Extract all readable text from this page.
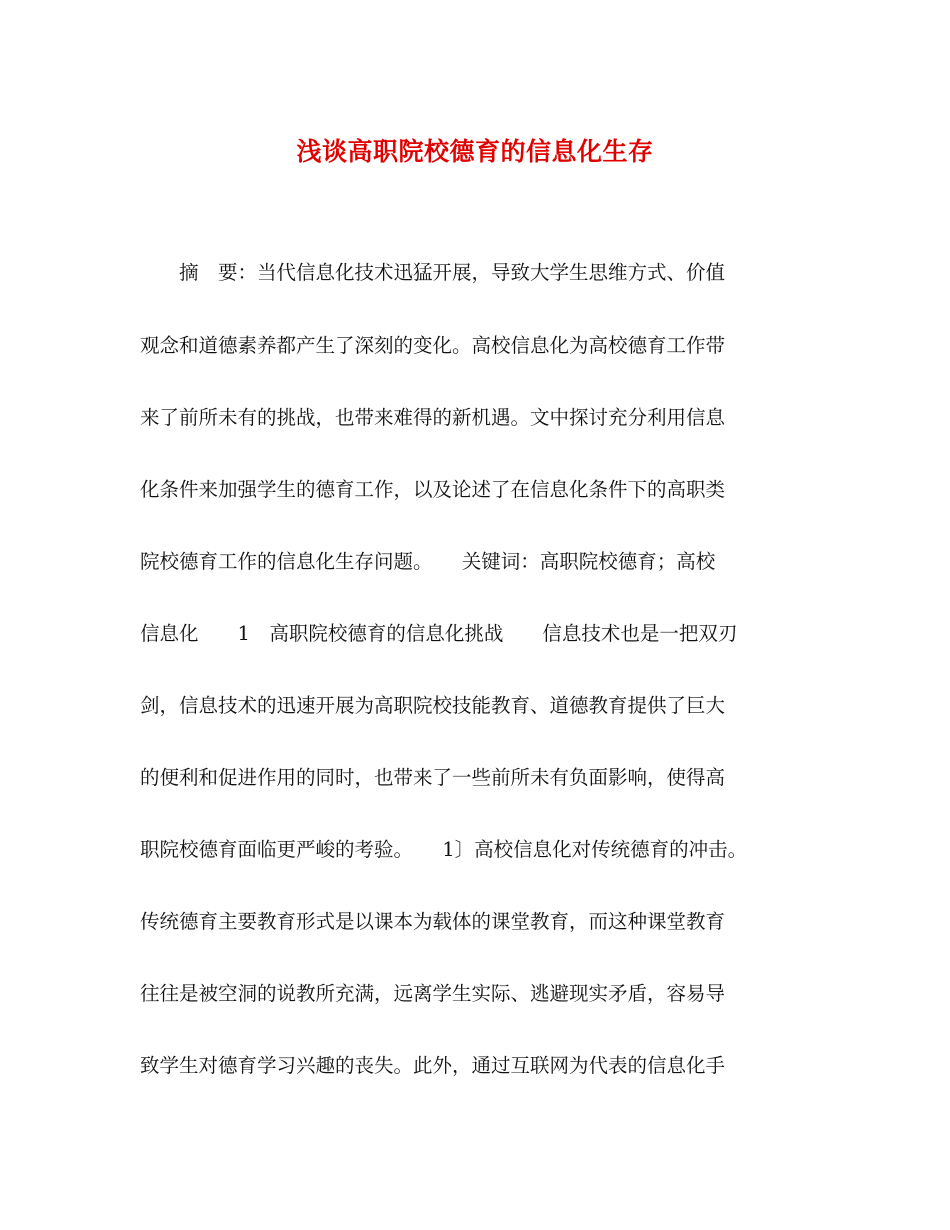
浅谈高职院校德育的信息化生存
　　摘　要：当代信息化技术迅猛开展，导致大学生思维方式、价值
观念和道德素养都产生了深刻的变化。高校信息化为高校德育工作带
来了前所未有的挑战，也带来难得的新机遇。文中探讨充分利用信息
化条件来加强学生的德育工作，以及论述了在信息化条件下的高职类
院校德育工作的信息化生存问题。　　关键词：高职院校德育；高校
信息化　　1　高职院校德育的信息化挑战　　信息技术也是一把双刃
剑，信息技术的迅速开展为高职院校技能教育、道德教育提供了巨大
的便利和促进作用的同时，也带来了一些前所未有负面影响，使得高
职院校德育面临更严峻的考验。　　1〕高校信息化对传统德育的冲击。
传统德育主要教育形式是以课本为载体的课堂教育，而这种课堂教育
往往是被空洞的说教所充满，远离学生实际、逃避现实矛盾，容易导
致学生对德育学习兴趣的丧失。此外，通过互联网为代表的信息化手
